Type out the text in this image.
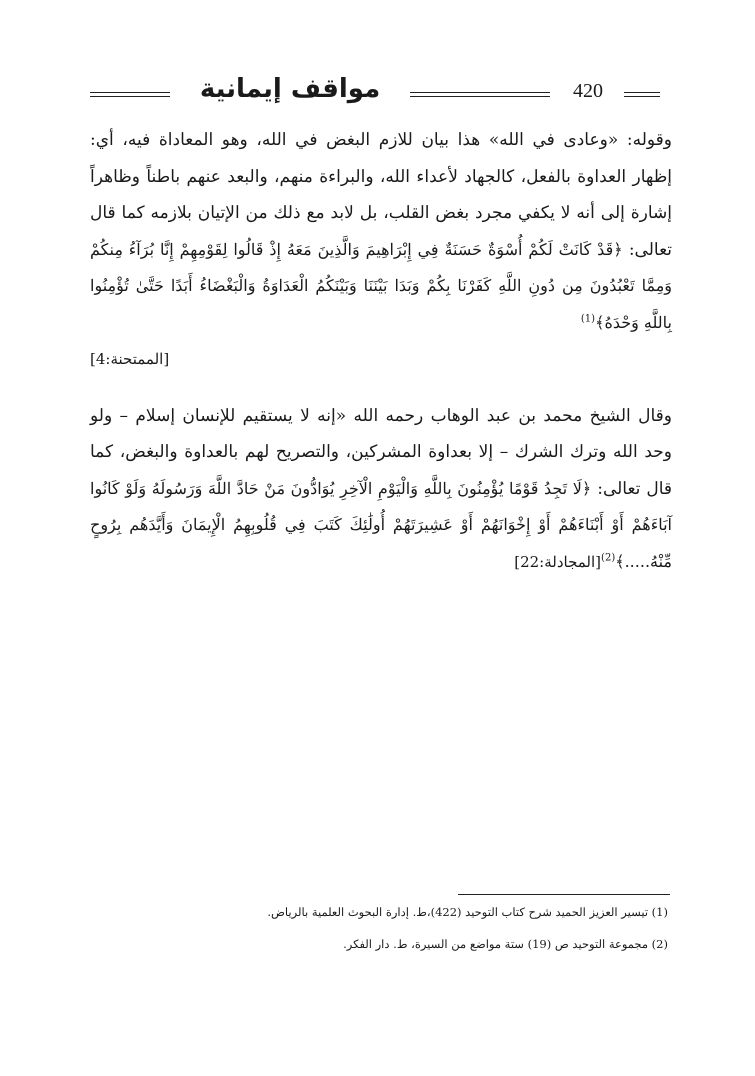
مواقف إيمانية	420

وقوله: «وعادى في الله» هذا بيان للازم البغض في الله، وهو المعاداة فيه، أي: إظهار العداوة بالفعل، كالجهاد لأعداء الله، والبراءة منهم، والبعد عنهم باطناً وظاهراً إشارة إلى أنه لا يكفي مجرد بغض القلب، بل لابد مع ذلك من الإتيان بلازمه كما قال تعالى: ﴿قَدْ كَانَتْ لَكُمْ أُسْوَةٌ حَسَنَةٌ فِي إِبْرَاهِيمَ وَالَّذِينَ مَعَهُ إِذْ قَالُوا لِقَوْمِهِمْ إِنَّا بُرَآءُ مِنكُمْ وَمِمَّا تَعْبُدُونَ مِن دُونِ اللَّهِ كَفَرْنَا بِكُمْ وَبَدَا بَيْنَنَا وَبَيْنَكُمُ الْعَدَاوَةُ وَالْبَغْضَاءُ أَبَدًا حَتَّىٰ تُؤْمِنُوا بِاللَّهِ وَحْدَهُ﴾$^{(1)}$
[الممتحنة:4]

وقال الشيخ محمد بن عبد الوهاب رحمه الله «إنه لا يستقيم للإنسان إسلام – ولو وحد الله وترك الشرك – إلا بعداوة المشركين، والتصريح لهم بالعداوة والبغض، كما قال تعالى: ﴿لَا تَجِدُ قَوْمًا يُؤْمِنُونَ بِاللَّهِ وَالْيَوْمِ الْآخِرِ يُوَادُّونَ مَنْ حَادَّ اللَّهَ وَرَسُولَهُ وَلَوْ كَانُوا آبَاءَهُمْ أَوْ أَبْنَاءَهُمْ أَوْ إِخْوَانَهُمْ أَوْ عَشِيرَتَهُمْ أُولَٰئِكَ كَتَبَ فِي قُلُوبِهِمُ الْإِيمَانَ وَأَيَّدَهُم بِرُوحٍ مِّنْهُ.....﴾$^{(2)}$[المجادلة:22]

(1) تيسير العزيز الحميد شرح كتاب التوحيد (422)،ط. إدارة البحوث العلمية بالرياض.

(2) مجموعة التوحيد ص (19) ستة مواضع من السيرة، ط. دار الفكر.
